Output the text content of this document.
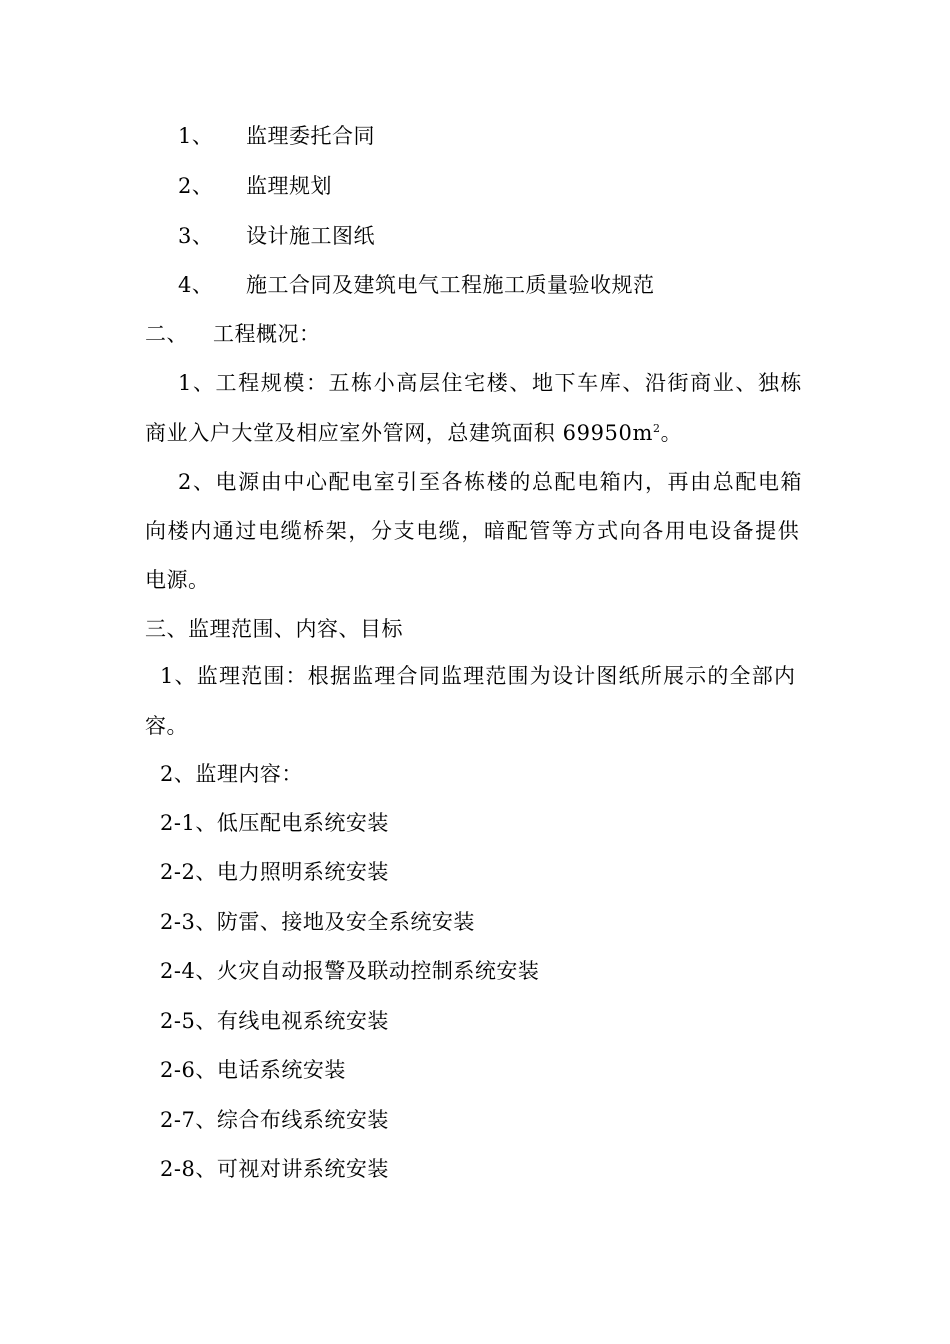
1、 监理委托合同
2、 监理规划
3、 设计施工图纸
4、 施工合同及建筑电气工程施工质量验收规范
二、 工程概况：
1、工程规模：五栋小高层住宅楼、地下车库、沿街商业、独栋
商业入户大堂及相应室外管网，总建筑面积 $69950m^2$。
2、电源由中心配电室引至各栋楼的总配电箱内，再由总配电箱
向楼内通过电缆桥架，分支电缆，暗配管等方式向各用电设备提供
电源。
三、监理范围、内容、目标
1、监理范围：根据监理合同监理范围为设计图纸所展示的全部内
容。
2、监理内容：
2-1、低压配电系统安装
2-2、电力照明系统安装
2-3、防雷、接地及安全系统安装
2-4、火灾自动报警及联动控制系统安装
2-5、有线电视系统安装
2-6、电话系统安装
2-7、综合布线系统安装
2-8、可视对讲系统安装
